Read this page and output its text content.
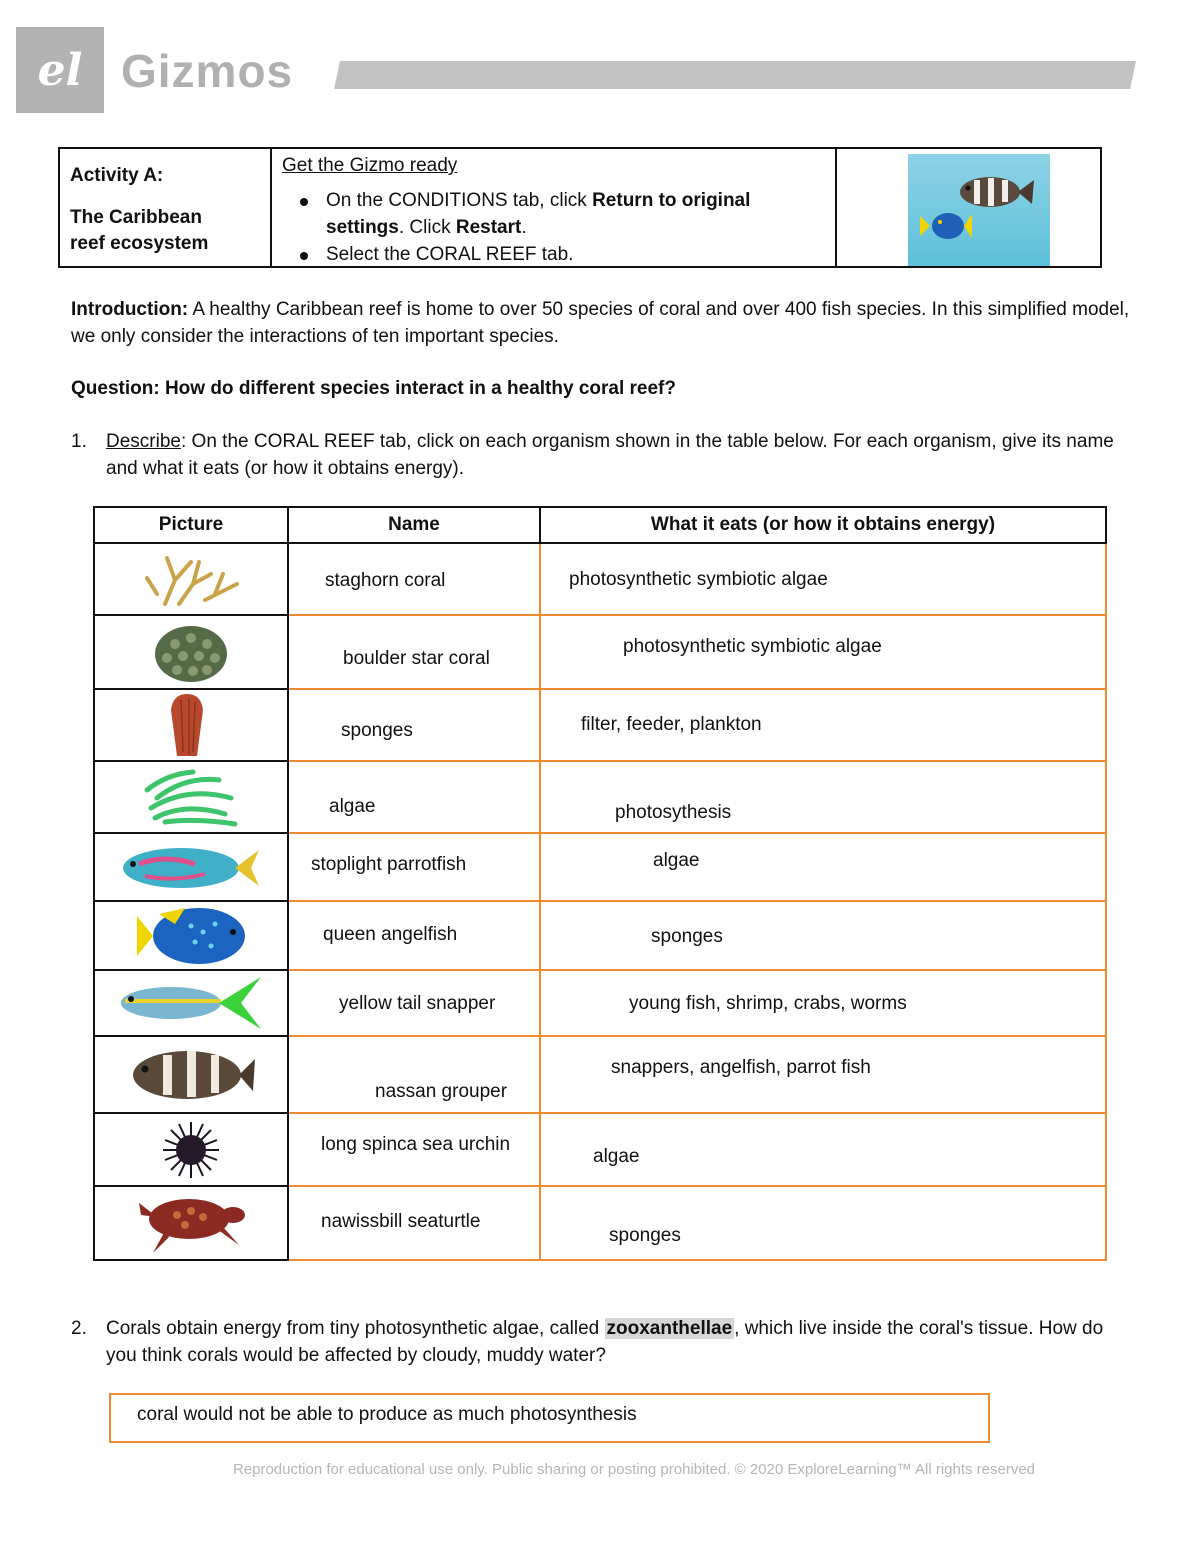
el Gizmos
Activity A:
The Caribbean
reef ecosystem
Get the Gizmo ready
On the CONDITIONS tab, click Return to original settings. Click Restart.
Select the CORAL REEF tab.
Introduction: A healthy Caribbean reef is home to over 50 species of coral and over 400 fish species. In this simplified model, we only consider the interactions of ten important species.
Question: How do different species interact in a healthy coral reef?
1. Describe: On the CORAL REEF tab, click on each organism shown in the table below. For each organism, give its name and what it eats (or how it obtains energy).
Picture	Name	What it eats (or how it obtains energy)

staghorn coral	photosynthetic symbiotic algae

boulder star coral	photosynthetic symbiotic algae

sponges	filter, feeder, plankton

algae	photosythesis

stoplight parrotfish	algae

queen angelfish	sponges

yellow tail snapper	young fish, shrimp, crabs, worms

nassan grouper	snappers, angelfish, parrot fish

long spinca sea urchin	algae

nawissbill seaturtle	sponges
2. Corals obtain energy from tiny photosynthetic algae, called zooxanthellae , which live inside the coral's tissue. How do you think corals would be affected by cloudy, muddy water?
coral would not be able to produce as much photosynthesis
Reproduction for educational use only. Public sharing or posting prohibited. © 2020 ExploreLearning™ All rights reserved
